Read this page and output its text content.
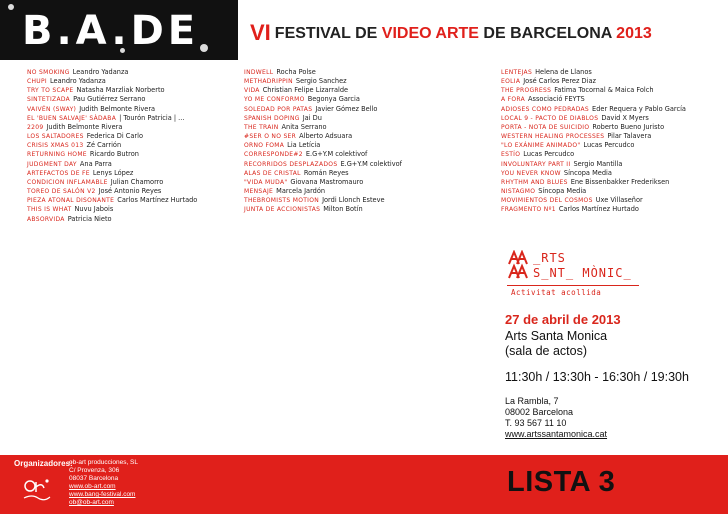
B.A.DE	VI FESTIVAL DE VIDEO ARTE DE BARCELONA 2013
NO SMOKING Leandro Yadanza
CHUPI Leandro Yadanza
TRY TO SCAPE Natasha Marzliak Norberto
SINTETIZADA Pau Gutiérrez Serrano
VAIVÉN (SWAY) Judith Belmonte Rivera
EL 'BUEN SALVAJE' SÀDABA | Tourón Patricia | ...
2209 Judith Belmonte Rivera
LOS SALTADORES Federica Di Carlo
CRISIS XMAS 013 Zé Carrión
RETURNING HOME Ricardo Butron
JUDGMENT DAY Ana Parra
ARTEFACTOS DE FE Lenys López
CONDICION INFLAMABLE Julian Chamorro
TOREO DE SALÓN V2 José Antonio Reyes
PIEZA ATONAL DISONANTE Carlos Martínez Hurtado
THIS IS WHAT Nuvu Jabois
ABSORVIDA Patricia Nieto
INDWELL Rocha Polse
METHADRIPPIN Sergio Sanchez
VIDA Christian Felipe Lizarralde
YO ME CONFORMO Begonya Garcia
SOLEDAD POR PATAS Javier Gómez Bello
SPANISH DOPING Jai Du
THE TRAIN Anita Serrano
#SER O NO SER Alberto Adsuara
ORNO FOMA Lia Letícia
CORRESPONDE#2 E.G+Y.M colektivof
RECORRIDOS DESPLAZADOS E.G+Y.M colektivof
ALAS DE CRISTAL Román Reyes
"VIDA MUDA" Giovana Mastromauro
MENSAJE Marcela Jardón
THEBROMISTS MOTION Jordi Llonch Esteve
JUNTA DE ACCIONISTAS Milton Botín
LENTEJAS Helena de Llanos
EOLIA José Carlos Perez Diaz
THE PROGRESS Fatima Tocornal & Maica Folch
A FORA Associació FEYTS
ADIOSES COMO PEDRADAS Eder Requera y Pablo García
LOCAL 9 - PACTO DE DIABLOS David X Myers
PORTA - NOTA DE SUICIDIO Roberto Bueno Juristo
WESTERN HEALING PROCESSES Pilar Talavera
"LO EXÁNIME ANIMADO" Lucas Percudco
ESTÍO Lucas Percudco
INVOLUNTARY PART II Sergio Mantilla
YOU NEVER KNOW Síncopa Media
RHYTHM AND BLUES Ene Bissenbakker Frederiksen
NISTAGMO Síncopa Media
MOVIMIENTOS DEL COSMOS Uxe Villaseñor
FRAGMENTO Nº1 Carlos Martínez Hurtado
_RTS
S_NT_ MÒNIC_
Activitat acollida
27 de abril de 2013
Arts Santa Monica
(sala de actos)
11:30h / 13:30h - 16:30h / 19:30h
La Rambla, 7
08002 Barcelona
T. 93 567 11 10
www.artssantamonica.cat
Organizadores:
ob-art producciones, SL
C/ Provenza, 306
08037 Barcelona
www.ob-art.com
www.bang-festival.com
ob@ob-art.com
LISTA 3
